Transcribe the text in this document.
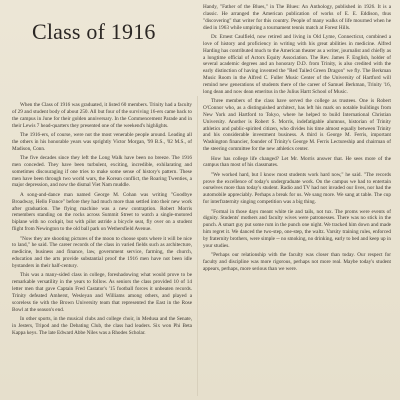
Class of 1916

When the Class of 1916 was graduated, it listed 60 members. Trinity had a faculty of 29 and student body of about 250. All but four of the surviving 16-ers came back to the campus in June for their golden anniversary. In the Commencement Parade and in their Lewis 7 head-quarters they presented one of the weekend's highlights.

The 1916-ers, of course, were not the most venerable people around. Leading all the others in his honorable years was sprightly Victor Morgan, '99 B.S., '02 M.S., of Madison, Conn.

The five decades since they left the Long Walk have been no breeze. The 1916 men conceded. They have been turbulent, exciting, incredible, exhilarating and sometimes discouraging if one tries to make some sense of history's pattern. These men have been through two world wars, the Korean conflict, the Roaring Twenties, a major depression, and now the dismal Viet Nam muddle.

A song-and-dance man named George M. Cohan was writing "Goodbye Broadway, Hello France" before they had much more than settled into their new work after graduation. The flying machine was a new contraption. Robert Morris remembers standing on the rocks across Summit Street to watch a single-motored biplane with no cockpit, but with pilot astride a bicycle seat, fly over on a student flight from Newington to the old ball park on Wethersfield Avenue.

"Now they are shooting pictures of the moon to choose spots where it will be nice to land," he said. The career records of the class in varied fields such as architecture, medicine, business and finance, law, government service, farming, the church, education and the arts provide substantial proof the 1916 men have not been idle bystanders in their half-century.

This was a many-sided class in college, foreshadowing what would prove to be remarkable versatility in the years to follow. As seniors the class provided 10 of 14 letter men that gave Captain Fred Castator's '15 football forces it unbeaten records. Trinity defeated Amherst, Wesleyan and Williams among others, and played a scoreless tie with the Brown University team that represented the East in the Rose Bowl at the season's end.

In other sports, in the musical clubs and college choir, in Medusa and the Senate, in Jesters, Tripod and the Debating Club, the class had leaders. Six won Phi Beta Kappa keys. The late Edward Abbe Niles was a Rhodes Scholar.

Handy, "Father of the Blues," in The Blues: An Anthology, published in 1926. It is a classic. He arranged the American publication of works of E. E. Eddison, thus "discovering" that writer for this country. People of many walks of life mourned when he died in 1963 while umpiring a tournament tennis match at Forest Hills.

Dr. Ernest Caulfield, now retired and living in Old Lyme, Connecticut, combined a love of history and proficiency in writing with his great abilities in medicine. Alfred Harding has contributed much to the American theater as a writer, journalist and chiefly as a longtime official of Actors Equity Association. The Rev. James F. English, holder of several academic degrees and an honorary D.D. from Trinity, is also credited with the early distinction of having invented the "Red Tailed Green Dragon" we fly. The Berkman Music Room in the Alfred C. Fuller Music Center of the University of Hartford will remind new generations of students there of the career of Samuel Berkman, Trinity '16, long dean and now dean emeritus in the Julius Hartt School of Music.

Three members of the class have served the college as trustees. One is Robert O'Connor who, as a distinguished architect, has left his mark on notable buildings from New York and Hartford to Tokyo, where he helped to build International Christian University. Another is Robert S. Morris, indefatigable alumnus, historian of Trinity athletics and public-spirited citizen, who divides his time almost equally between Trinity and his considerable investment business. A third is George M. Ferris, important Washington financier, founder of Trinity's George M. Ferris Lectureship and chairman of the steering committee for the new athletics center.

How has college life changed? Let Mr. Morris answer that. He sees more of the campus than most of his classmates.

"We worked hard, but I know most students work hard now," he said. "The records prove the excellence of today's undergraduate work. On the campus we had to entertain ourselves more than today's student. Radio and TV had not invaded our lives, nor had the automobile appreciably. Perhaps a break for us. We sang more. We sang at table. The cup for interfraternity singing competition was a big thing.

"Formal in those days meant white tie and tails, not tux. The proms were events of dignity. Students' mothers and faculty wives were patronesses. There was no stick in the punch. A smart guy put some rum in the punch one night. We tracked him down and made him regret it. We danced the two-step, one-step, the waltz. Varsity training rules, enforced by fraternity brothers, were simple -- no smoking, no drinking, early to bed and keep up in your studies.

"Perhaps our relationship with the faculty was closer than today. Our respect for faculty and discipline was more rigorous, perhaps not more real. Maybe today's student appears, perhaps, more serious than we were.
